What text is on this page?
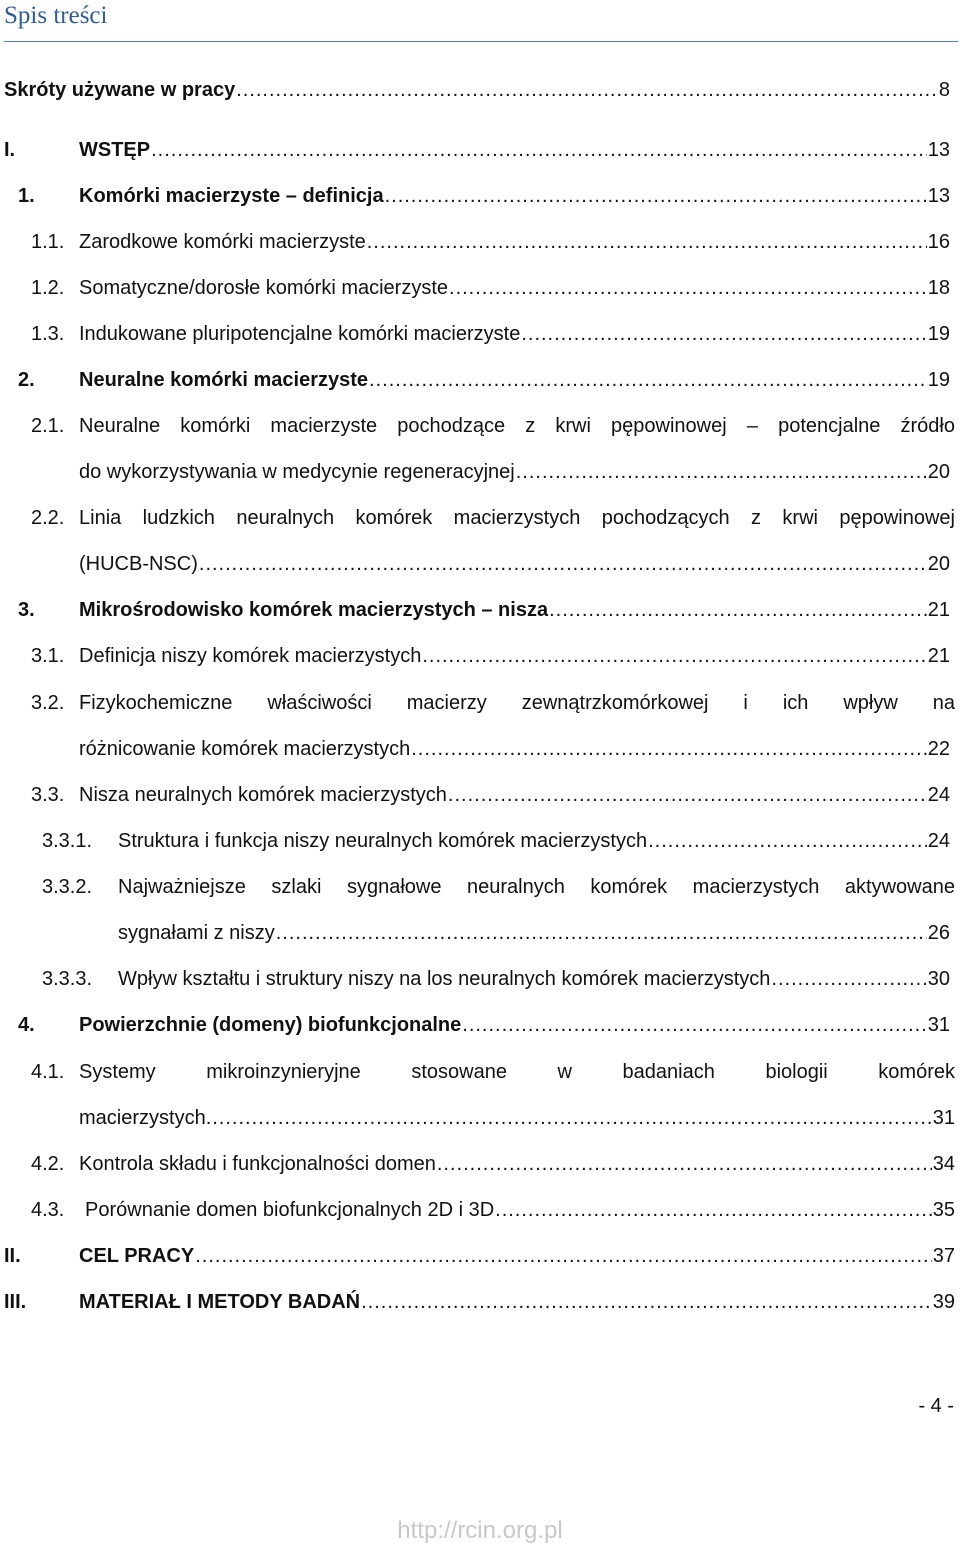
Spis treści
Skróty używane w pracy .....	8
I.	WSTĘP .....	13
1. Komórki macierzyste – definicja .....	13
1.1. Zarodkowe komórki macierzyste .....	16
1.2. Somatyczne/dorosłe komórki macierzyste .....	18
1.3. Indukowane pluripotencjalne komórki macierzyste .....	19
2. Neuralne komórki macierzyste .....	19
2.1. Neuralne komórki macierzyste pochodzące z krwi pępowinowej – potencjalne źródło
do wykorzystywania w medycynie regeneracyjnej .....	20
2.2. Linia ludzkich neuralnych komórek macierzystych pochodzących z krwi pępowinowej
(HUCB-NSC) .....	20
3. Mikrośrodowisko komórek macierzystych – nisza .....	21
3.1. Definicja niszy komórek macierzystych .....	21
3.2. Fizykochemiczne właściwości macierzy zewnątrzkomórkowej i ich wpływ na
różnicowanie komórek macierzystych .....	22
3.3. Nisza neuralnych komórek macierzystych .....	24
3.3.1. Struktura i funkcja niszy neuralnych komórek macierzystych .....	24
3.3.2. Najważniejsze szlaki sygnałowe neuralnych komórek macierzystych aktywowane
sygnałami z niszy .....	26
3.3.3. Wpływ kształtu i struktury niszy na los neuralnych komórek macierzystych .....	30
4. Powierzchnie (domeny) biofunkcjonalne .....	31
4.1. Systemy mikroinzynieryjne stosowane w badaniach biologii komórek
macierzystych. .....	31
4.2. Kontrola składu i funkcjonalności domen .....	34
4.3. Porównanie domen biofunkcjonalnych 2D i 3D .....	35
II.	CEL PRACY .....	37
III.	MATERIAŁ I METODY BADAŃ .....	39
- 4 -
http://rcin.org.pl
